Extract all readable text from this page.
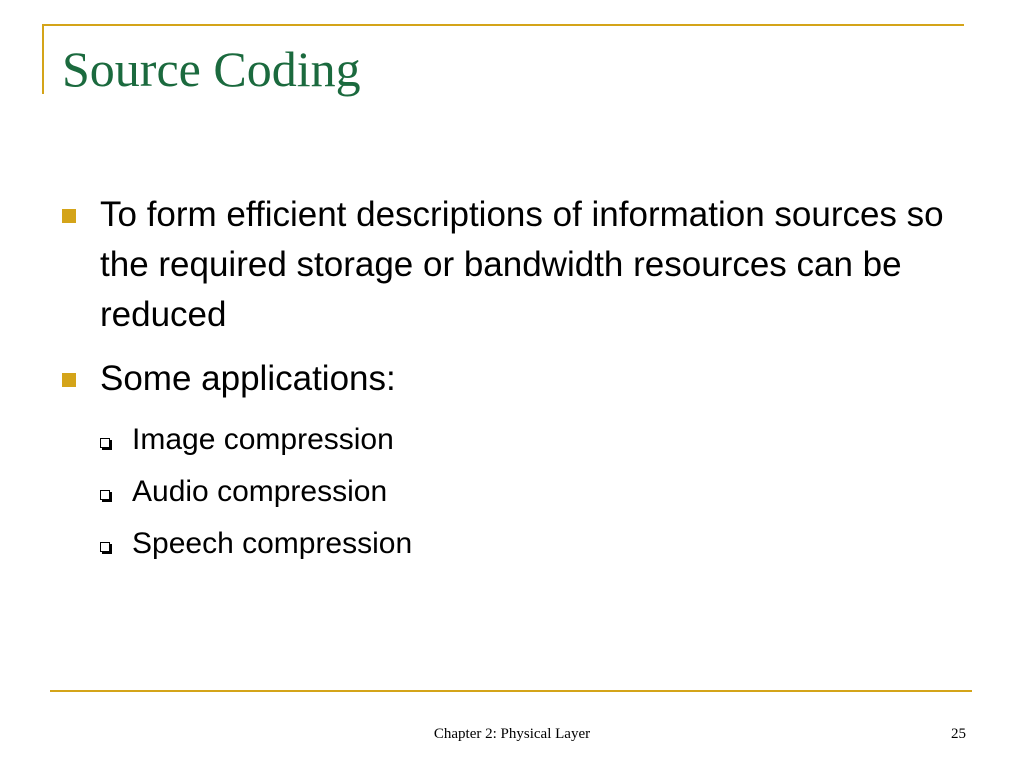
Source Coding
To form efficient descriptions of information sources so the required storage or bandwidth resources can be reduced
Some applications:
Image compression
Audio compression
Speech compression
Chapter 2: Physical Layer	25
